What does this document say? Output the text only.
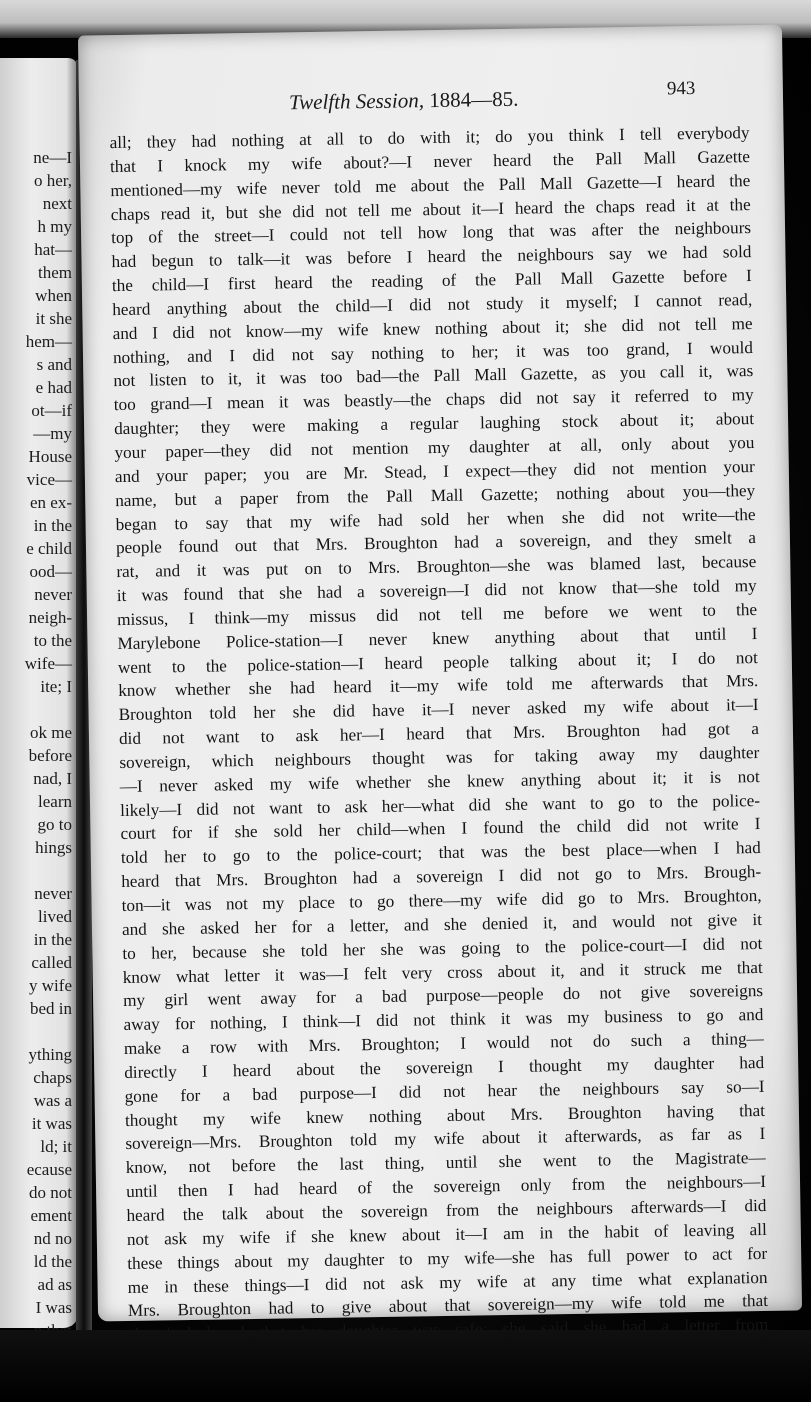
ne—I
o her,
next
h my
hat—
them
when
it she
hem—
s and
e had
ot—if
—my
House
vice—
en ex-
in the
e child
ood—
never
neigh-
to the
wife—
ite; I

ok me
before
nad, I
learn
go to
hings

never
lived
in the
called
y wife
bed in

ything
chaps
was a
it was
ld; it
ecause
do not
ement
nd no
ld the
ad as
I was
Twelfth Session, 1884—85.	943
all; they had nothing at all to do with it; do you think I tell everybody
that I knock my wife about?—I never heard the Pall Mall Gazette
mentioned—my wife never told me about the Pall Mall Gazette—I heard the
chaps read it, but she did not tell me about it—I heard the chaps read it at the
top of the street—I could not tell how long that was after the neighbours
had begun to talk—it was before I heard the neighbours say we had sold
the child—I first heard the reading of the Pall Mall Gazette before I
heard anything about the child—I did not study it myself; I cannot read,
and I did not know—my wife knew nothing about it; she did not tell me
nothing, and I did not say nothing to her; it was too grand, I would
not listen to it, it was too bad—the Pall Mall Gazette, as you call it, was
too grand—I mean it was beastly—the chaps did not say it referred to my
daughter; they were making a regular laughing stock about it; about
your paper—they did not mention my daughter at all, only about you
and your paper; you are Mr. Stead, I expect—they did not mention your
name, but a paper from the Pall Mall Gazette; nothing about you—they
began to say that my wife had sold her when she did not write—the
people found out that Mrs. Broughton had a sovereign, and they smelt a
rat, and it was put on to Mrs. Broughton—she was blamed last, because
it was found that she had a sovereign—I did not know that—she told my
missus, I think—my missus did not tell me before we went to the
Marylebone Police-station—I never knew anything about that until I
went to the police-station—I heard people talking about it; I do not
know whether she had heard it—my wife told me afterwards that Mrs.
Broughton told her she did have it—I never asked my wife about it—I
did not want to ask her—I heard that Mrs. Broughton had got a
sovereign, which neighbours thought was for taking away my daughter
—I never asked my wife whether she knew anything about it; it is not
likely—I did not want to ask her—what did she want to go to the police-
court for if she sold her child—when I found the child did not write I
told her to go to the police-court; that was the best place—when I had
heard that Mrs. Broughton had a sovereign I did not go to Mrs. Brough-
ton—it was not my place to go there—my wife did go to Mrs. Broughton,
and she asked her for a letter, and she denied it, and would not give it
to her, because she told her she was going to the police-court—I did not
know what letter it was—I felt very cross about it, and it struck me that
my girl went away for a bad purpose—people do not give sovereigns
away for nothing, I think—I did not think it was my business to go and
make a row with Mrs. Broughton; I would not do such a thing—
directly I heard about the sovereign I thought my daughter had
gone for a bad purpose—I did not hear the neighbours say so—I
thought my wife knew nothing about Mrs. Broughton having that
sovereign—Mrs. Broughton told my wife about it afterwards, as far as I
know, not before the last thing, until she went to the Magistrate—
until then I had heard of the sovereign only from the neighbours—I
heard the talk about the sovereign from the neighbours afterwards—I did
not ask my wife if she knew about it—I am in the habit of leaving all
these things about my daughter to my wife—she has full power to act for
me in these things—I did not ask my wife at any time what explanation
Mrs. Broughton had to give about that sovereign—my wife told me that
